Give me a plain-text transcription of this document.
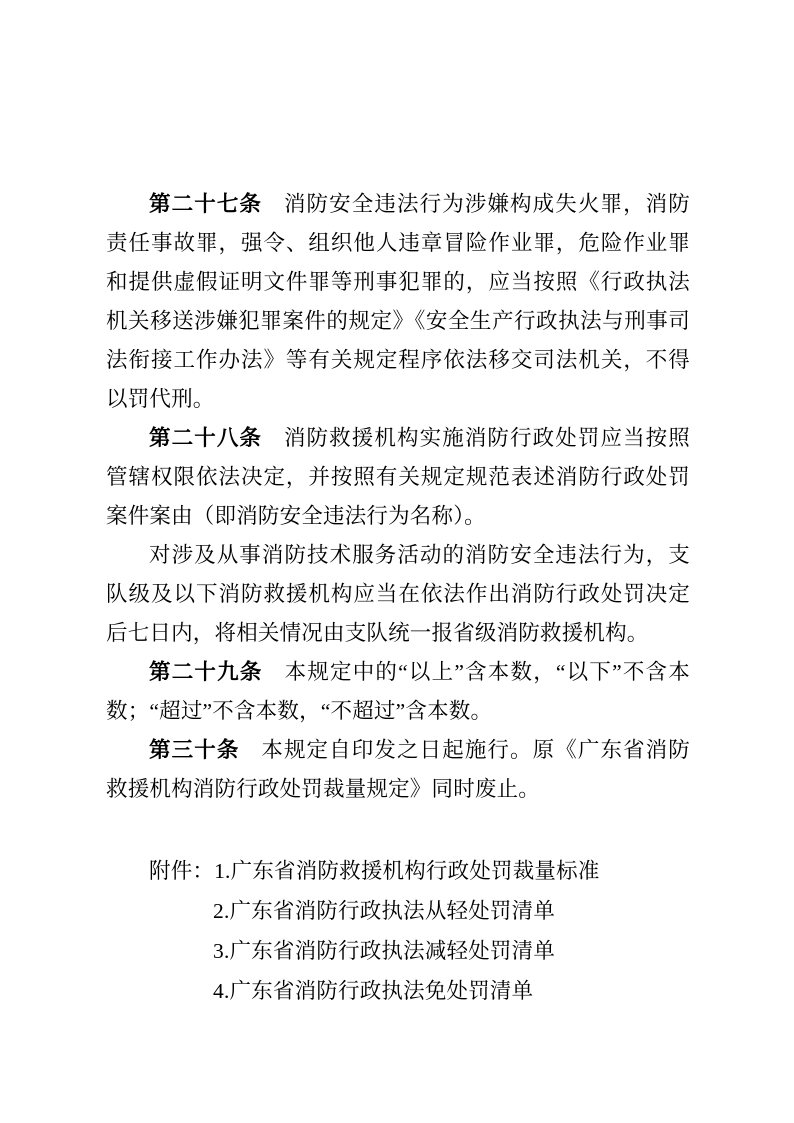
第二十七条 消防安全违法行为涉嫌构成失火罪，消防责任事故罪，强令、组织他人违章冒险作业罪，危险作业罪和提供虚假证明文件罪等刑事犯罪的，应当按照《行政执法机关移送涉嫌犯罪案件的规定》《安全生产行政执法与刑事司法衔接工作办法》等有关规定程序依法移交司法机关，不得以罚代刑。

第二十八条 消防救援机构实施消防行政处罚应当按照管辖权限依法决定，并按照有关规定规范表述消防行政处罚案件案由（即消防安全违法行为名称）。

对涉及从事消防技术服务活动的消防安全违法行为，支队级及以下消防救援机构应当在依法作出消防行政处罚决定后七日内，将相关情况由支队统一报省级消防救援机构。

第二十九条 本规定中的“以上”含本数，“以下”不含本数；“超过”不含本数，“不超过”含本数。

第三十条 本规定自印发之日起施行。原《广东省消防救援机构消防行政处罚裁量规定》同时废止。

附件：1.广东省消防救援机构行政处罚裁量标准

2.广东省消防行政执法从轻处罚清单

3.广东省消防行政执法减轻处罚清单

4.广东省消防行政执法免处罚清单
